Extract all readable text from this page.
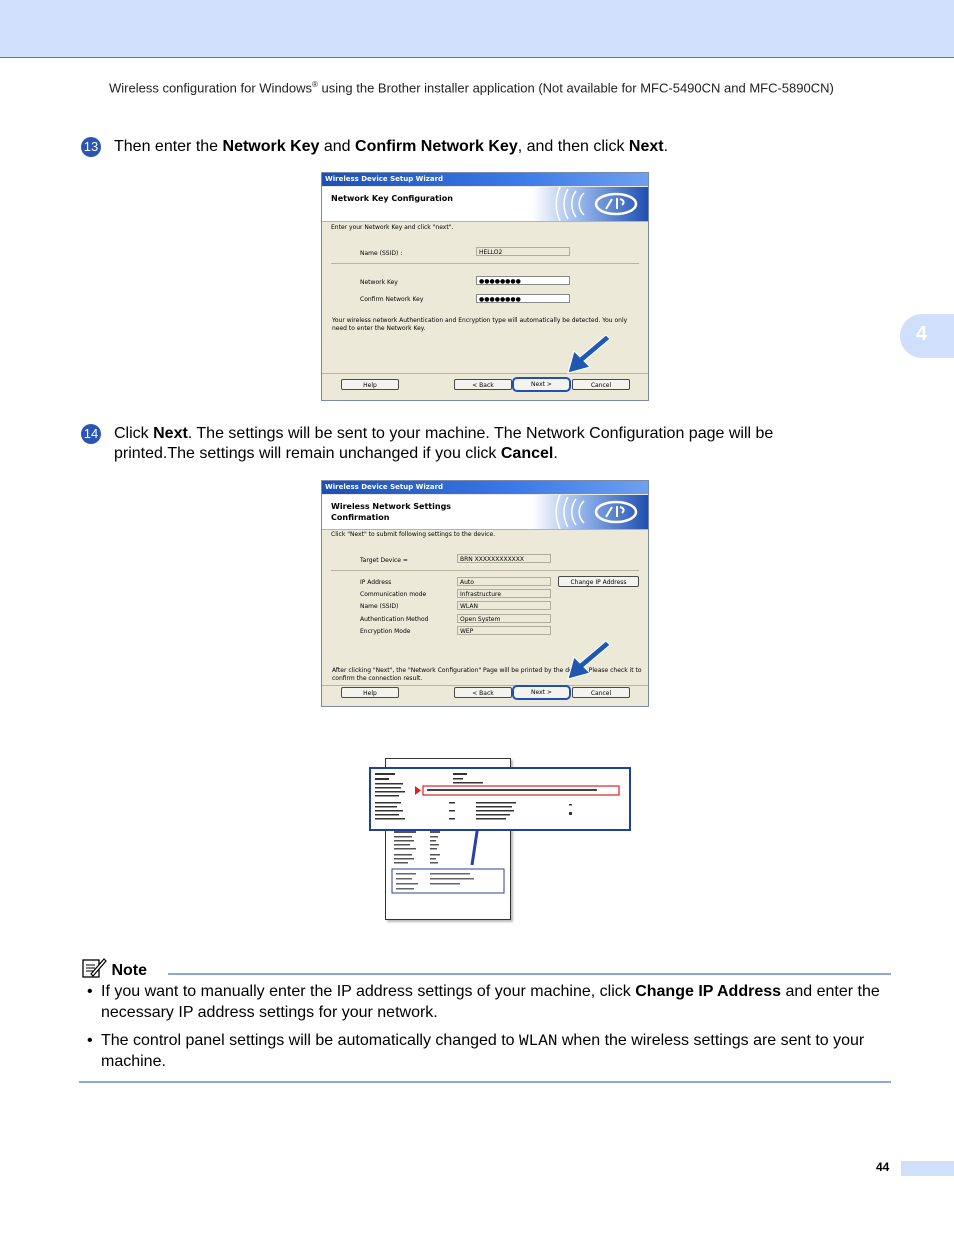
Wireless configuration for Windows® using the Brother installer application (Not available for MFC-5490CN and MFC-5890CN)
4
13 Then enter the Network Key and Confirm Network Key, and then click Next.
Wireless Device Setup Wizard
Network Key Configuration
Enter your Network Key and click "next".
Name (SSID) :	HELLO2
Network Key	●●●●●●●●
Confirm Network Key	●●●●●●●●
Your wireless network Authentication and Encryption type will automatically be detected. You only need to enter the Network Key.
Help	< Back	Next >	Cancel
14 Click Next. The settings will be sent to your machine. The Network Configuration page will be
printed.The settings will remain unchanged if you click Cancel.
Wireless Device Setup Wizard
Wireless Network Settings
Confirmation
Click "Next" to submit following settings to the device.
Target Device =	BRN XXXXXXXXXXXX
IP Address	Auto
Communication mode	Infrastructure
Name (SSID)	WLAN
Authentication Method	Open System
Encryption Mode	WEP
Change IP Address
After clicking "Next", the "Network Configuration" Page will be printed by the device. Please check it to confirm the connection result.
Help	< Back	Next >	Cancel
Note
• If you want to manually enter the IP address settings of your machine, click Change IP Address and enter the necessary IP address settings for your network.
• The control panel settings will be automatically changed to WLAN when the wireless settings are sent to your machine.
44
